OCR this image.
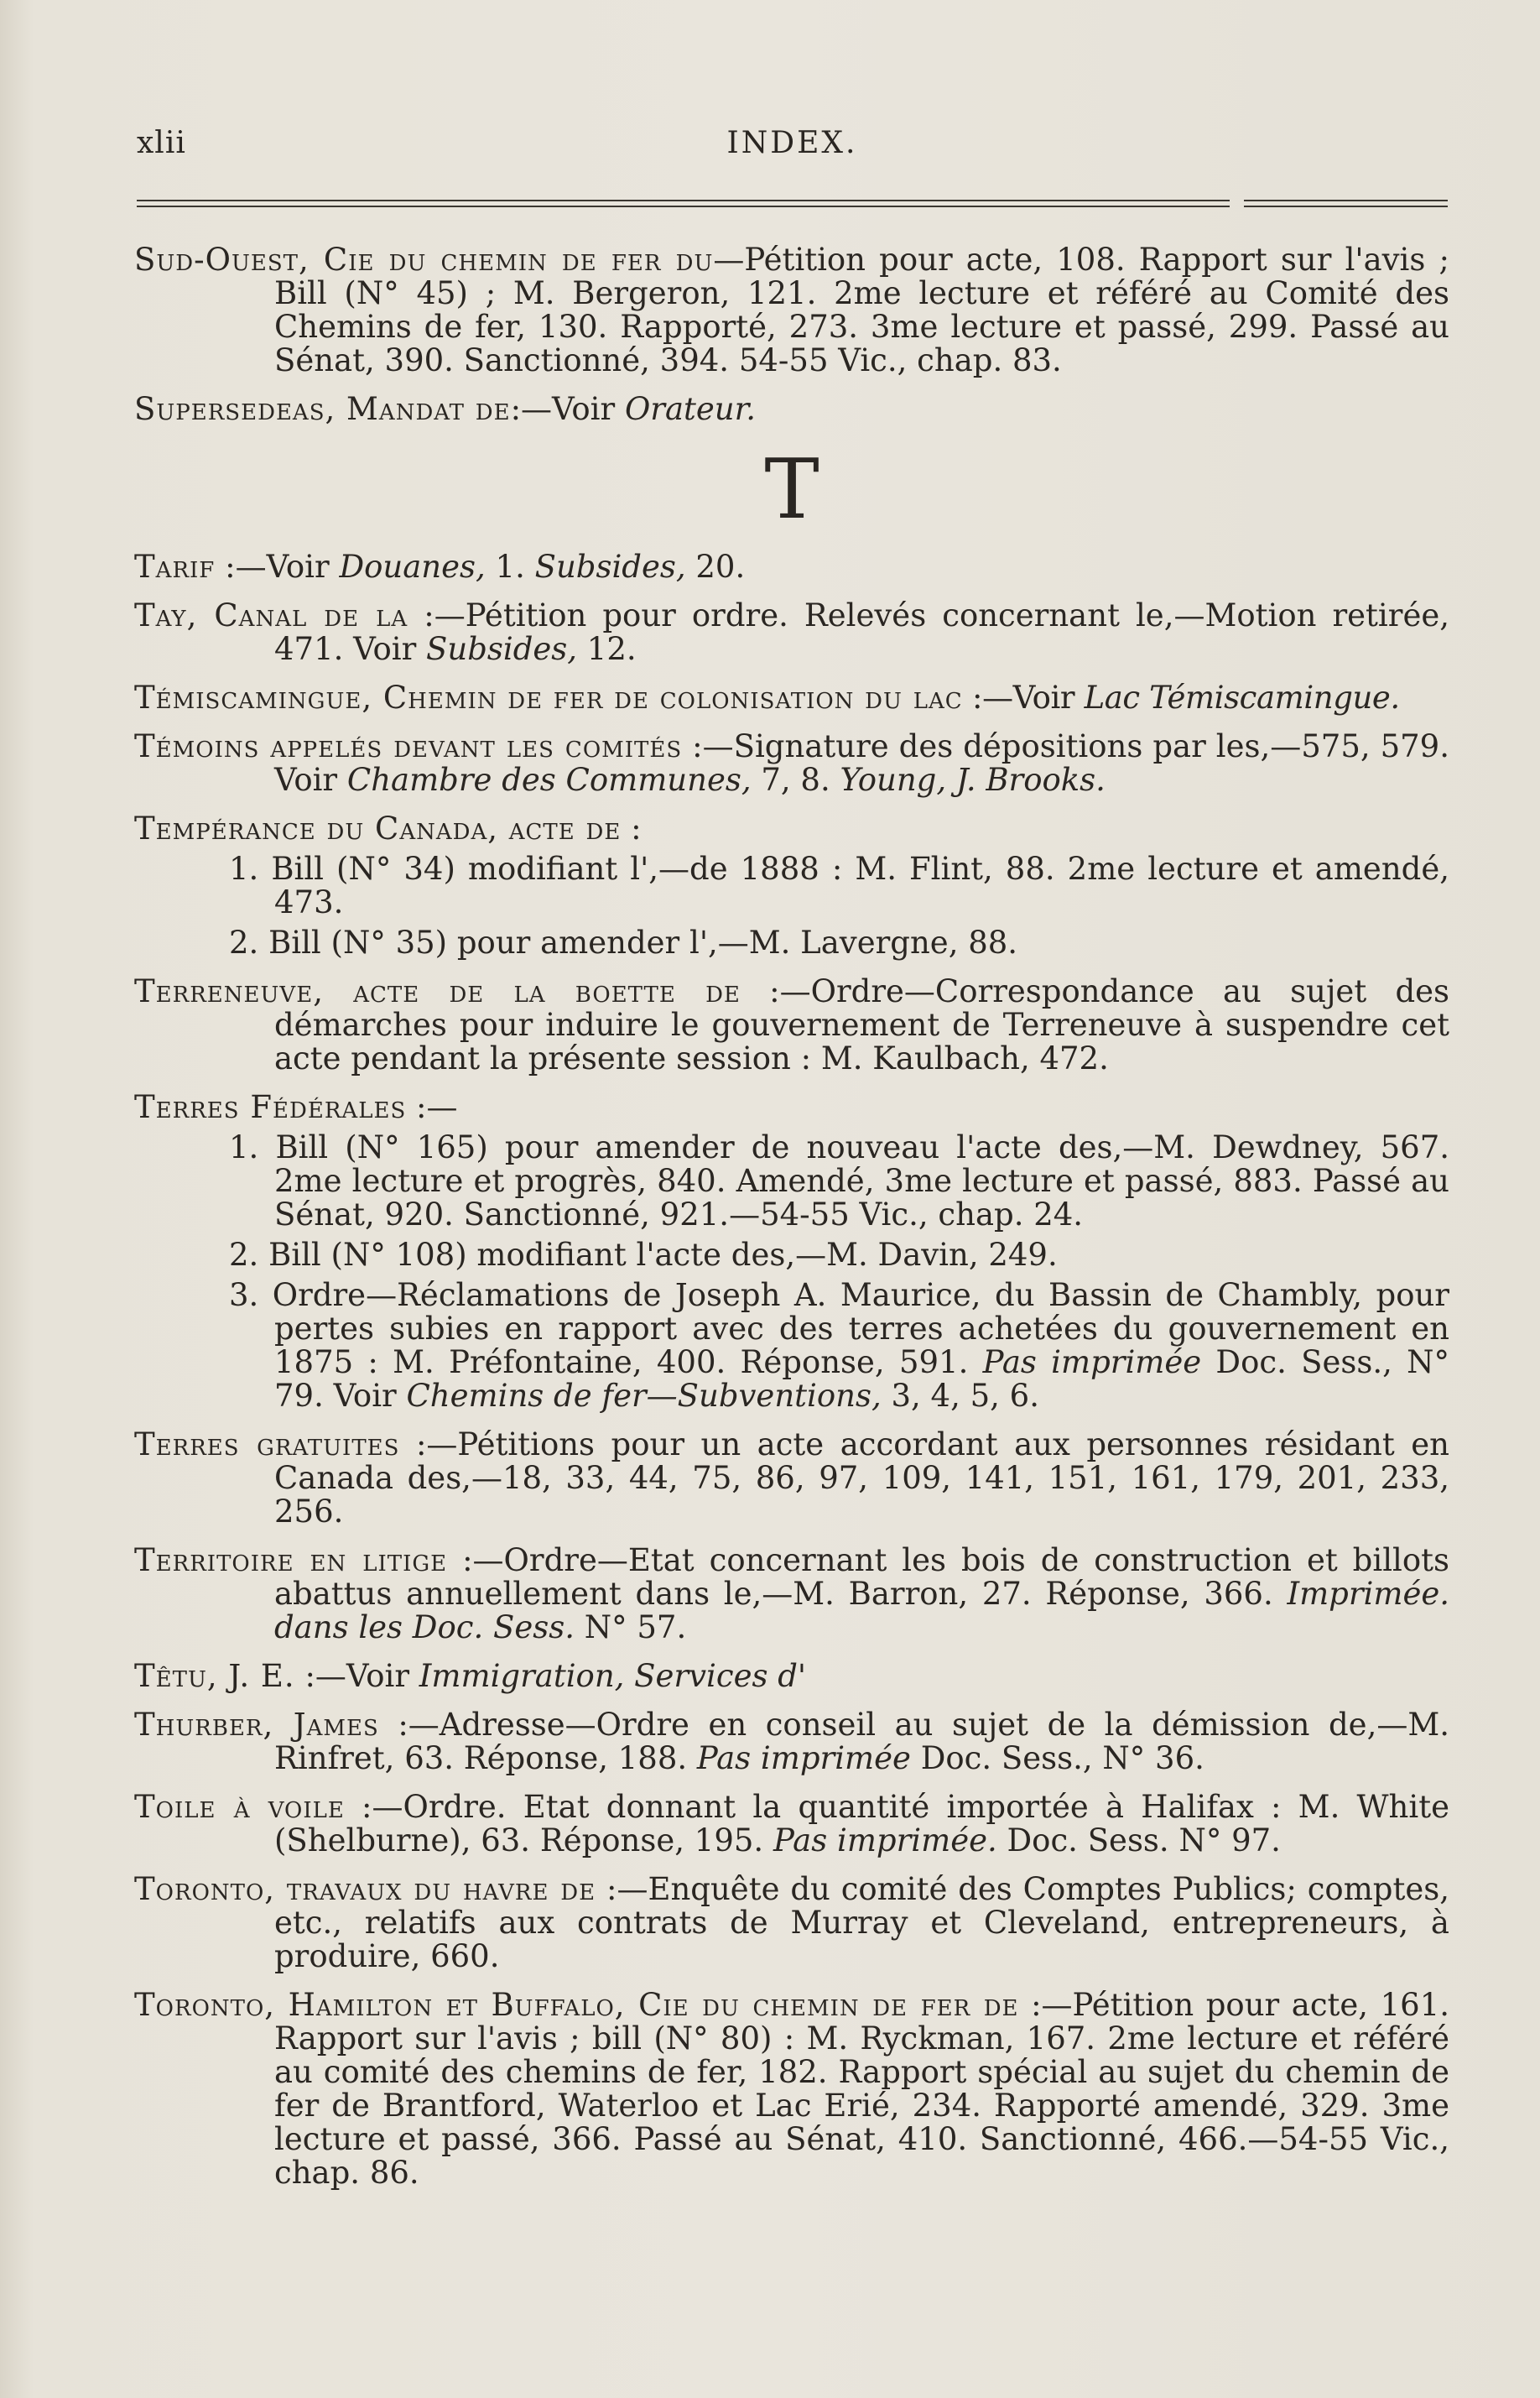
xlii	INDEX.

Sud-Ouest, Cie du chemin de fer du—Pétition pour acte, 108. Rapport sur l'avis ; Bill (N° 45) ; M. Bergeron, 121. 2me lecture et référé au Comité des Chemins de fer, 130. Rapporté, 273. 3me lecture et passé, 299. Passé au Sénat, 390. Sanctionné, 394. 54-55 Vic., chap. 83.

Supersedeas, Mandat de:—Voir Orateur.

T

Tarif :—Voir Douanes, 1. Subsides, 20.

Tay, Canal de la :—Pétition pour ordre. Relevés concernant le,—Motion retirée, 471. Voir Subsides, 12.

Témiscamingue, Chemin de fer de colonisation du lac :—Voir Lac Témiscamingue.

Témoins appelés devant les comités :—Signature des dépositions par les,—575, 579. Voir Chambre des Communes, 7, 8. Young, J. Brooks.

Tempérance du Canada, acte de :

1. Bill (N° 34) modifiant l',—de 1888 : M. Flint, 88. 2me lecture et amendé, 473.

2. Bill (N° 35) pour amender l',—M. Lavergne, 88.

Terreneuve, acte de la boette de :—Ordre—Correspondance au sujet des démarches pour induire le gouvernement de Terreneuve à suspendre cet acte pendant la présente session : M. Kaulbach, 472.

Terres Fédérales :—

1. Bill (N° 165) pour amender de nouveau l'acte des,—M. Dewdney, 567. 2me lecture et progrès, 840. Amendé, 3me lecture et passé, 883. Passé au Sénat, 920. Sanctionné, 921.—54-55 Vic., chap. 24.

2. Bill (N° 108) modifiant l'acte des,—M. Davin, 249.

3. Ordre—Réclamations de Joseph A. Maurice, du Bassin de Chambly, pour pertes subies en rapport avec des terres achetées du gouvernement en 1875 : M. Préfontaine, 400. Réponse, 591. Pas imprimée Doc. Sess., N° 79. Voir Chemins de fer—Subventions, 3, 4, 5, 6.

Terres gratuites :—Pétitions pour un acte accordant aux personnes résidant en Canada des,—18, 33, 44, 75, 86, 97, 109, 141, 151, 161, 179, 201, 233, 256.

Territoire en litige :—Ordre—Etat concernant les bois de construction et billots abattus annuellement dans le,—M. Barron, 27. Réponse, 366. Imprimée. dans les Doc. Sess. N° 57.

Têtu, J. E. :—Voir Immigration, Services d'

Thurber, James :—Adresse—Ordre en conseil au sujet de la démission de,—M. Rinfret, 63. Réponse, 188. Pas imprimée Doc. Sess., N° 36.

Toile à voile :—Ordre. Etat donnant la quantité importée à Halifax : M. White (Shelburne), 63. Réponse, 195. Pas imprimée. Doc. Sess. N° 97.

Toronto, travaux du havre de :—Enquête du comité des Comptes Publics; comptes, etc., relatifs aux contrats de Murray et Cleveland, entrepreneurs, à produire, 660.

Toronto, Hamilton et Buffalo, Cie du chemin de fer de :—Pétition pour acte, 161. Rapport sur l'avis ; bill (N° 80) : M. Ryckman, 167. 2me lecture et référé au comité des chemins de fer, 182. Rapport spécial au sujet du chemin de fer de Brantford, Waterloo et Lac Erié, 234. Rapporté amendé, 329. 3me lecture et passé, 366. Passé au Sénat, 410. Sanctionné, 466.—54-55 Vic., chap. 86.
